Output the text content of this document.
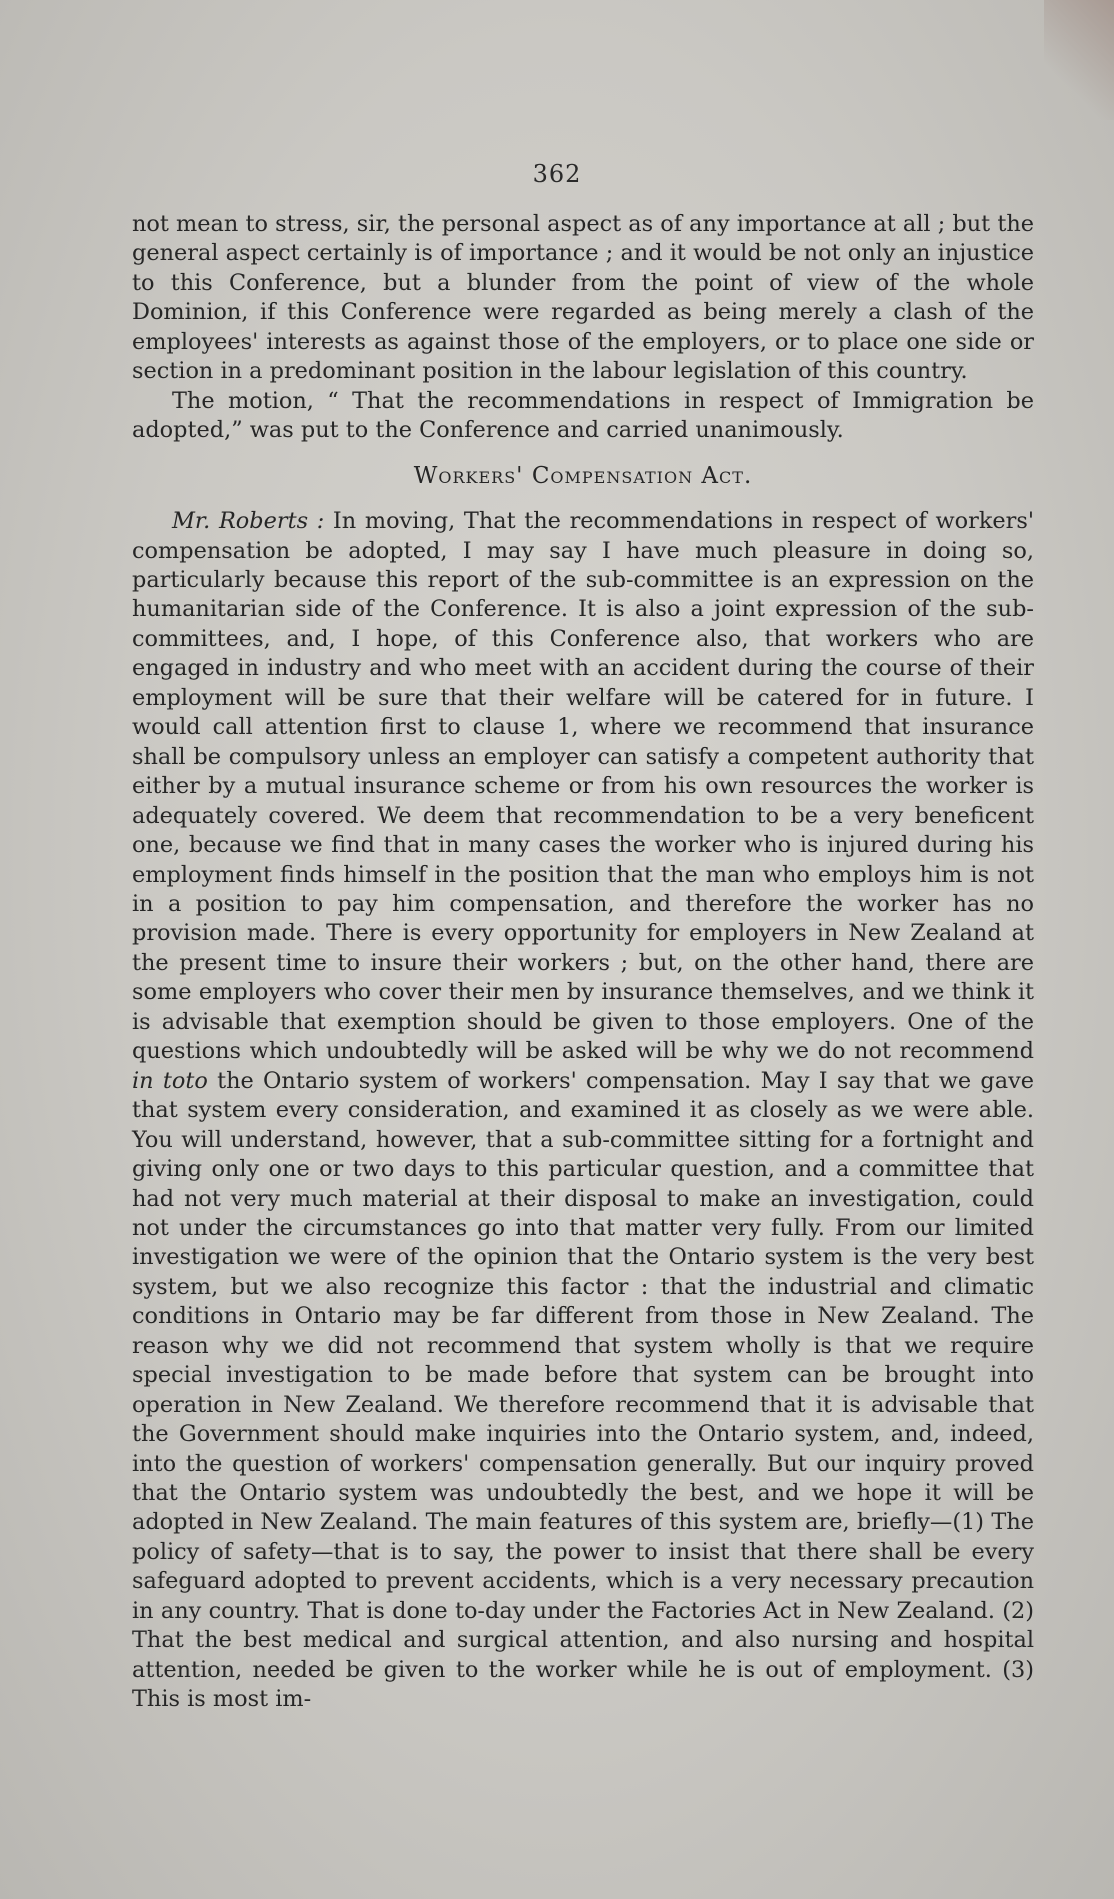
362

not mean to stress, sir, the personal aspect as of any importance at all ; but the general aspect certainly is of importance ; and it would be not only an injustice to this Conference, but a blunder from the point of view of the whole Dominion, if this Conference were regarded as being merely a clash of the employees' interests as against those of the employers, or to place one side or section in a predominant position in the labour legislation of this country.

The motion, “ That the recommendations in respect of Immigration be adopted,” was put to the Conference and carried unanimously.

Workers' Compensation Act.

Mr. Roberts : In moving, That the recommendations in respect of workers' compensation be adopted, I may say I have much pleasure in doing so, particularly because this report of the sub-committee is an expression on the humanitarian side of the Conference. It is also a joint expression of the sub-committees, and, I hope, of this Conference also, that workers who are engaged in industry and who meet with an accident during the course of their employment will be sure that their welfare will be catered for in future. I would call attention first to clause 1, where we recommend that insurance shall be compulsory unless an employer can satisfy a competent authority that either by a mutual insurance scheme or from his own resources the worker is adequately covered. We deem that recommendation to be a very beneficent one, because we find that in many cases the worker who is injured during his employment finds himself in the position that the man who employs him is not in a position to pay him compensation, and therefore the worker has no provision made. There is every opportunity for employers in New Zealand at the present time to insure their workers ; but, on the other hand, there are some employers who cover their men by insurance themselves, and we think it is advisable that exemption should be given to those employers. One of the questions which undoubtedly will be asked will be why we do not recommend in toto the Ontario system of workers' compensation. May I say that we gave that system every consideration, and examined it as closely as we were able. You will understand, however, that a sub-committee sitting for a fortnight and giving only one or two days to this particular question, and a committee that had not very much material at their disposal to make an investigation, could not under the circumstances go into that matter very fully. From our limited investigation we were of the opinion that the Ontario system is the very best system, but we also recognize this factor : that the industrial and climatic conditions in Ontario may be far different from those in New Zealand. The reason why we did not recommend that system wholly is that we require special investigation to be made before that system can be brought into operation in New Zealand. We therefore recommend that it is advisable that the Government should make inquiries into the Ontario system, and, indeed, into the question of workers' compensation generally. But our inquiry proved that the Ontario system was undoubtedly the best, and we hope it will be adopted in New Zealand. The main features of this system are, briefly—(1) The policy of safety—that is to say, the power to insist that there shall be every safeguard adopted to prevent accidents, which is a very necessary precaution in any country. That is done to-day under the Factories Act in New Zealand. (2) That the best medical and surgical attention, and also nursing and hospital attention, needed be given to the worker while he is out of employment. (3) This is most im-
